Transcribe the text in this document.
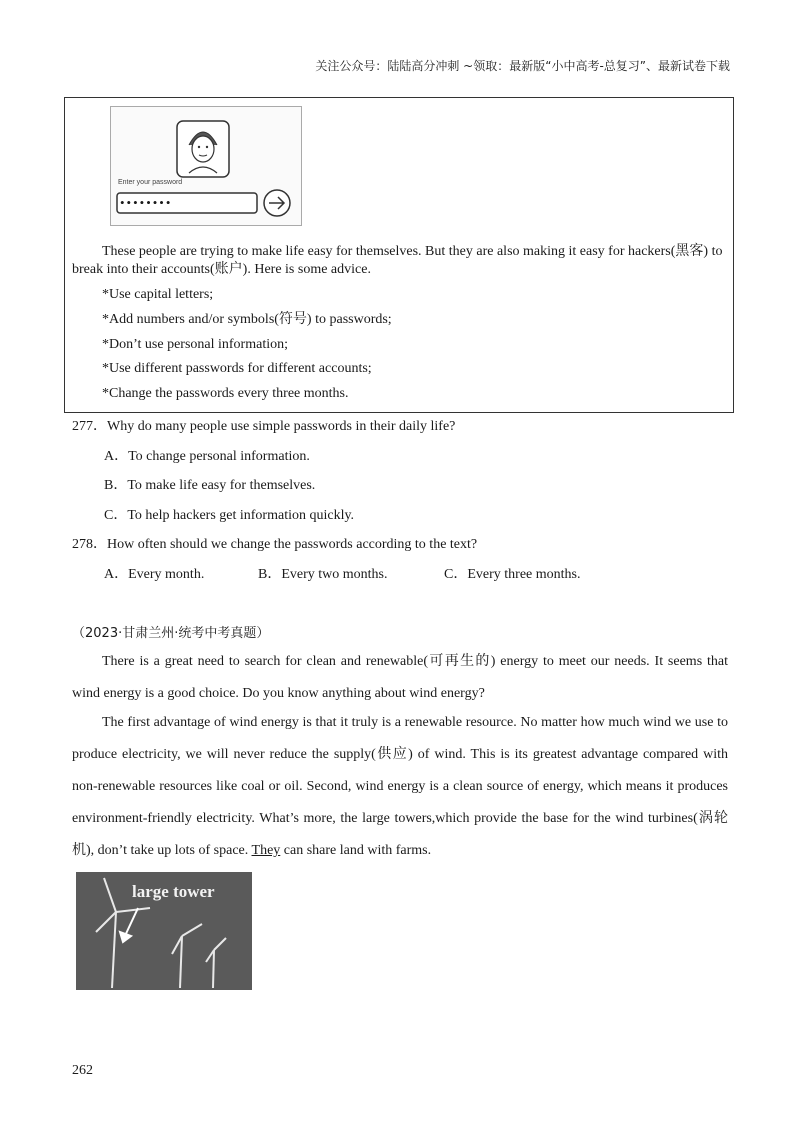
关注公众号：陆陆高分冲刺 ~领取：最新版“小中高考-总复习”、最新试卷下载
Enter your password
••••••••
These people are trying to make life easy for themselves. But they are also making it easy for hackers(黑客) to
break into their accounts(账户). Here is some advice.
*Use capital letters;
*Add numbers and/or symbols(符号) to passwords;
*Don’t use personal information;
*Use different passwords for different accounts;
*Change the passwords every three months.
277．Why do many people use simple passwords in their daily life?
A．To change personal information.
B．To make life easy for themselves.
C．To help hackers get information quickly.
278．How often should we change the passwords according to the text?
A．Every month.	B．Every two months.	C．Every three months.
（2023·甘肃兰州·统考中考真题）
There is a great need to search for clean and renewable(可再生的) energy to meet our needs. It seems that wind energy is a good choice. Do you know anything about wind energy?
The first advantage of wind energy is that it truly is a renewable resource. No matter how much wind we use to produce electricity, we will never reduce the supply(供应) of wind. This is its greatest advantage compared with non-renewable resources like coal or oil. Second, wind energy is a clean source of energy, which means it produces environment-friendly electricity. What’s more, the large towers,which provide the base for the wind turbines(涡轮机), don’t take up lots of space. They can share land with farms.
large tower
262
